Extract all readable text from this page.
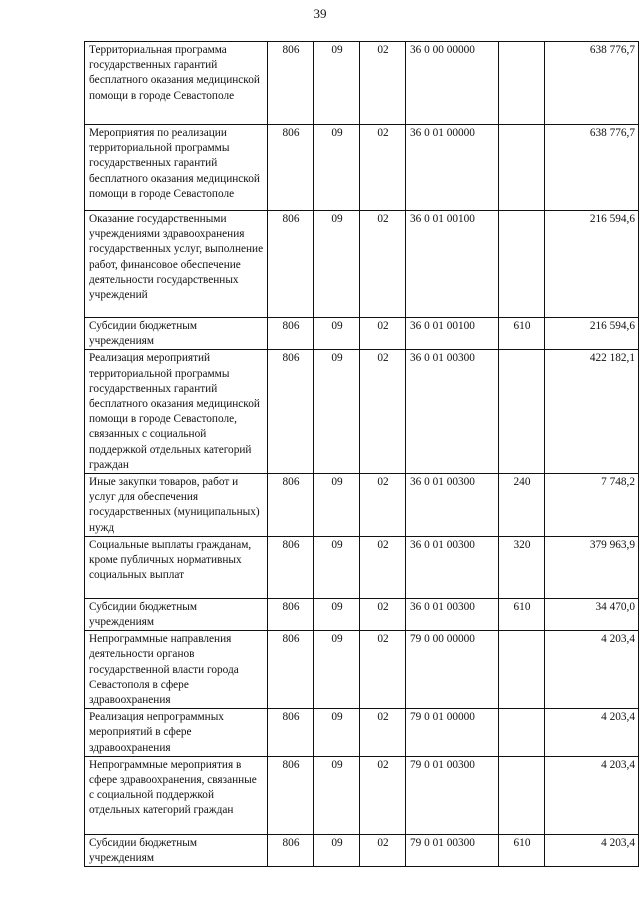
39
Территориальная программа государственных гарантий бесплатного оказания медицинской помощи в городе Севастополе	806	09	02	36 0 00 00000		638 776,7
Мероприятия по реализации территориальной программы государственных гарантий бесплатного оказания медицинской помощи в городе Севастополе	806	09	02	36 0 01 00000		638 776,7
Оказание государственными учреждениями здравоохранения государственных услуг, выполнение работ, финансовое обеспечение деятельности государственных учреждений	806	09	02	36 0 01 00100		216 594,6
Субсидии бюджетным учреждениям	806	09	02	36 0 01 00100	610	216 594,6
Реализация мероприятий территориальной программы государственных гарантий бесплатного оказания медицинской помощи в городе Севастополе, связанных с социальной поддержкой отдельных категорий граждан	806	09	02	36 0 01 00300		422 182,1
Иные закупки товаров, работ и услуг для обеспечения государственных (муниципальных) нужд	806	09	02	36 0 01 00300	240	7 748,2
Социальные выплаты гражданам, кроме публичных нормативных социальных выплат	806	09	02	36 0 01 00300	320	379 963,9
Субсидии бюджетным учреждениям	806	09	02	36 0 01 00300	610	34 470,0
Непрограммные направления деятельности органов государственной власти города Севастополя в сфере здравоохранения	806	09	02	79 0 00 00000		4 203,4
Реализация непрограммных мероприятий в сфере здравоохранения	806	09	02	79 0 01 00000		4 203,4
Непрограммные мероприятия в сфере здравоохранения, связанные с социальной поддержкой отдельных категорий граждан	806	09	02	79 0 01 00300		4 203,4
Субсидии бюджетным учреждениям	806	09	02	79 0 01 00300	610	4 203,4
